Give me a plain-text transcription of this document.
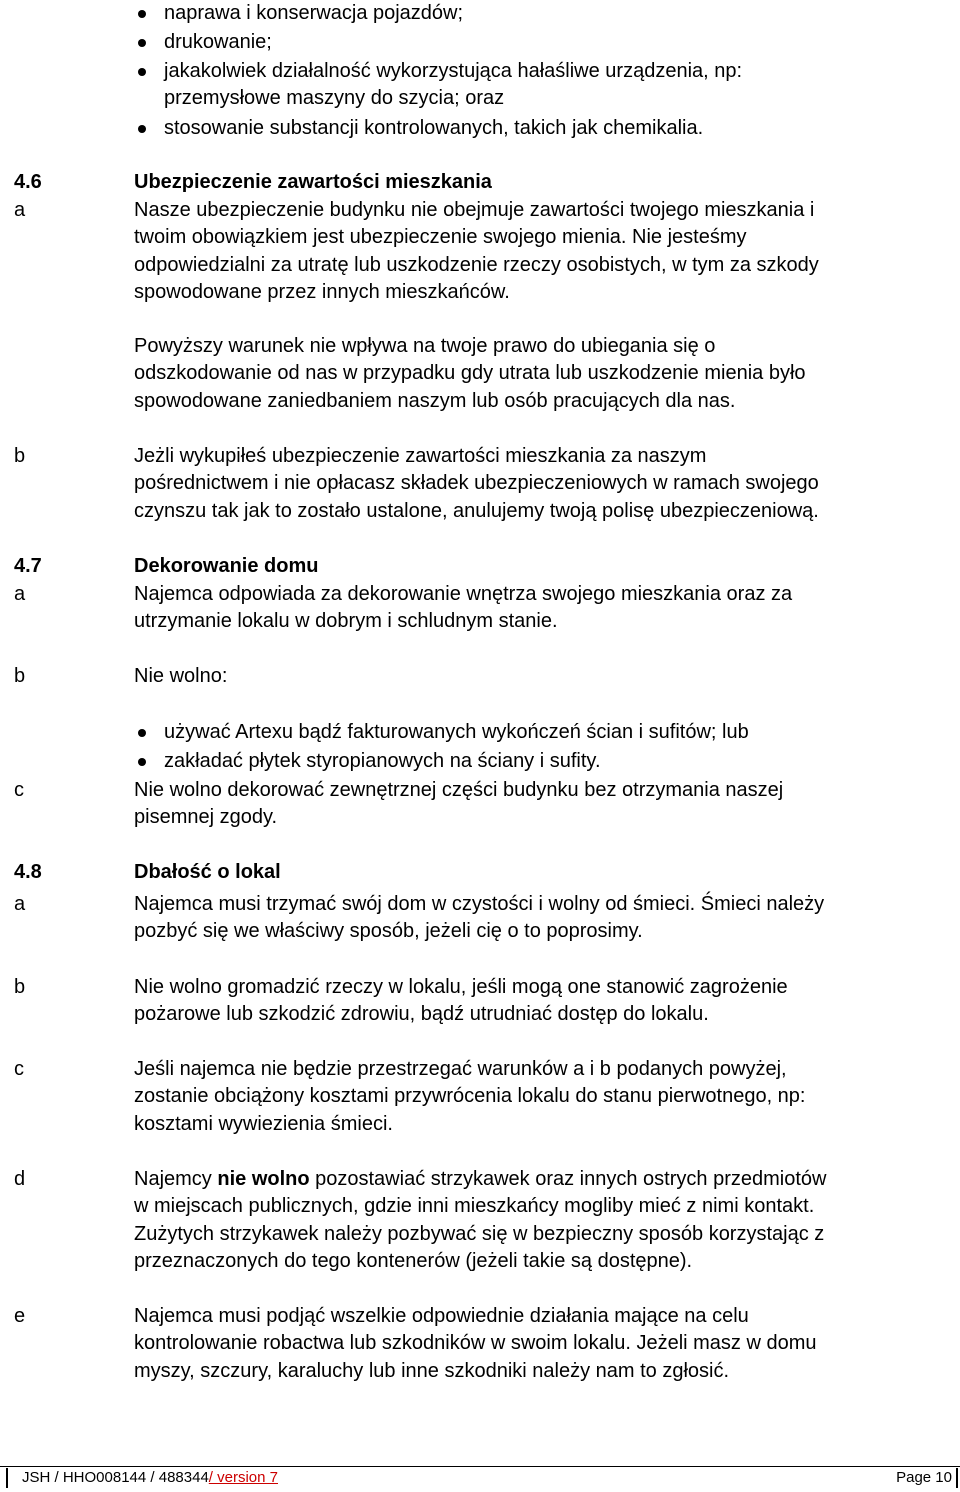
naprawa i konserwacja pojazdów;
drukowanie;
jakakolwiek działalność wykorzystująca hałaśliwe urządzenia, np:
przemysłowe maszyny do szycia; oraz
stosowanie substancji kontrolowanych, takich jak chemikalia.
4.6	Ubezpieczenie zawartości mieszkania
a	Nasze ubezpieczenie budynku nie obejmuje zawartości twojego mieszkania i
twoim obowiązkiem jest ubezpieczenie swojego mienia. Nie jesteśmy
odpowiedzialni za utratę lub uszkodzenie rzeczy osobistych, w tym za szkody
spowodowane przez innych mieszkańców.
Powyższy warunek nie wpływa na twoje prawo do ubiegania się o
odszkodowanie od nas w przypadku gdy utrata lub uszkodzenie mienia było
spowodowane zaniedbaniem naszym lub osób pracujących dla nas.
b	Jeżli wykupiłeś ubezpieczenie zawartości mieszkania za naszym
pośrednictwem i nie opłacasz składek ubezpieczeniowych w ramach swojego
czynszu tak jak to zostało ustalone, anulujemy twoją polisę ubezpieczeniową.
4.7	Dekorowanie domu
a	Najemca odpowiada za dekorowanie wnętrza swojego mieszkania oraz za
utrzymanie lokalu w dobrym i schludnym stanie.
b	Nie wolno:
używać Artexu bądź fakturowanych wykończeń ścian i sufitów; lub
zakładać płytek styropianowych na ściany i sufity.
c	Nie wolno dekorować zewnętrznej części budynku bez otrzymania naszej
pisemnej zgody.
4.8	Dbałość o lokal
a	Najemca musi trzymać swój dom w czystości i wolny od śmieci. Śmieci należy
pozbyć się we właściwy sposób, jeżeli cię o to poprosimy.
b	Nie wolno gromadzić rzeczy w lokalu, jeśli mogą one stanowić zagrożenie
pożarowe lub szkodzić zdrowiu, bądź utrudniać dostęp do lokalu.
c	Jeśli najemca nie będzie przestrzegać warunków a i b podanych powyżej,
zostanie obciążony kosztami przywrócenia lokalu do stanu pierwotnego, np:
kosztami wywiezienia śmieci.
d	Najemcy nie wolno pozostawiać strzykawek oraz innych ostrych przedmiotów
w miejscach publicznych, gdzie inni mieszkańcy mogliby mieć z nimi kontakt.
Zużytych strzykawek należy pozbywać się w bezpieczny sposób korzystając z
przeznaczonych do tego kontenerów (jeżeli takie są dostępne).
e	Najemca musi podjąć wszelkie odpowiednie działania mające na celu
kontrolowanie robactwa lub szkodników w swoim lokalu. Jeżeli masz w domu
myszy, szczury, karaluchy lub inne szkodniki należy nam to zgłosić.
JSH / HHO008144 / 488344/ version 7	Page 10
